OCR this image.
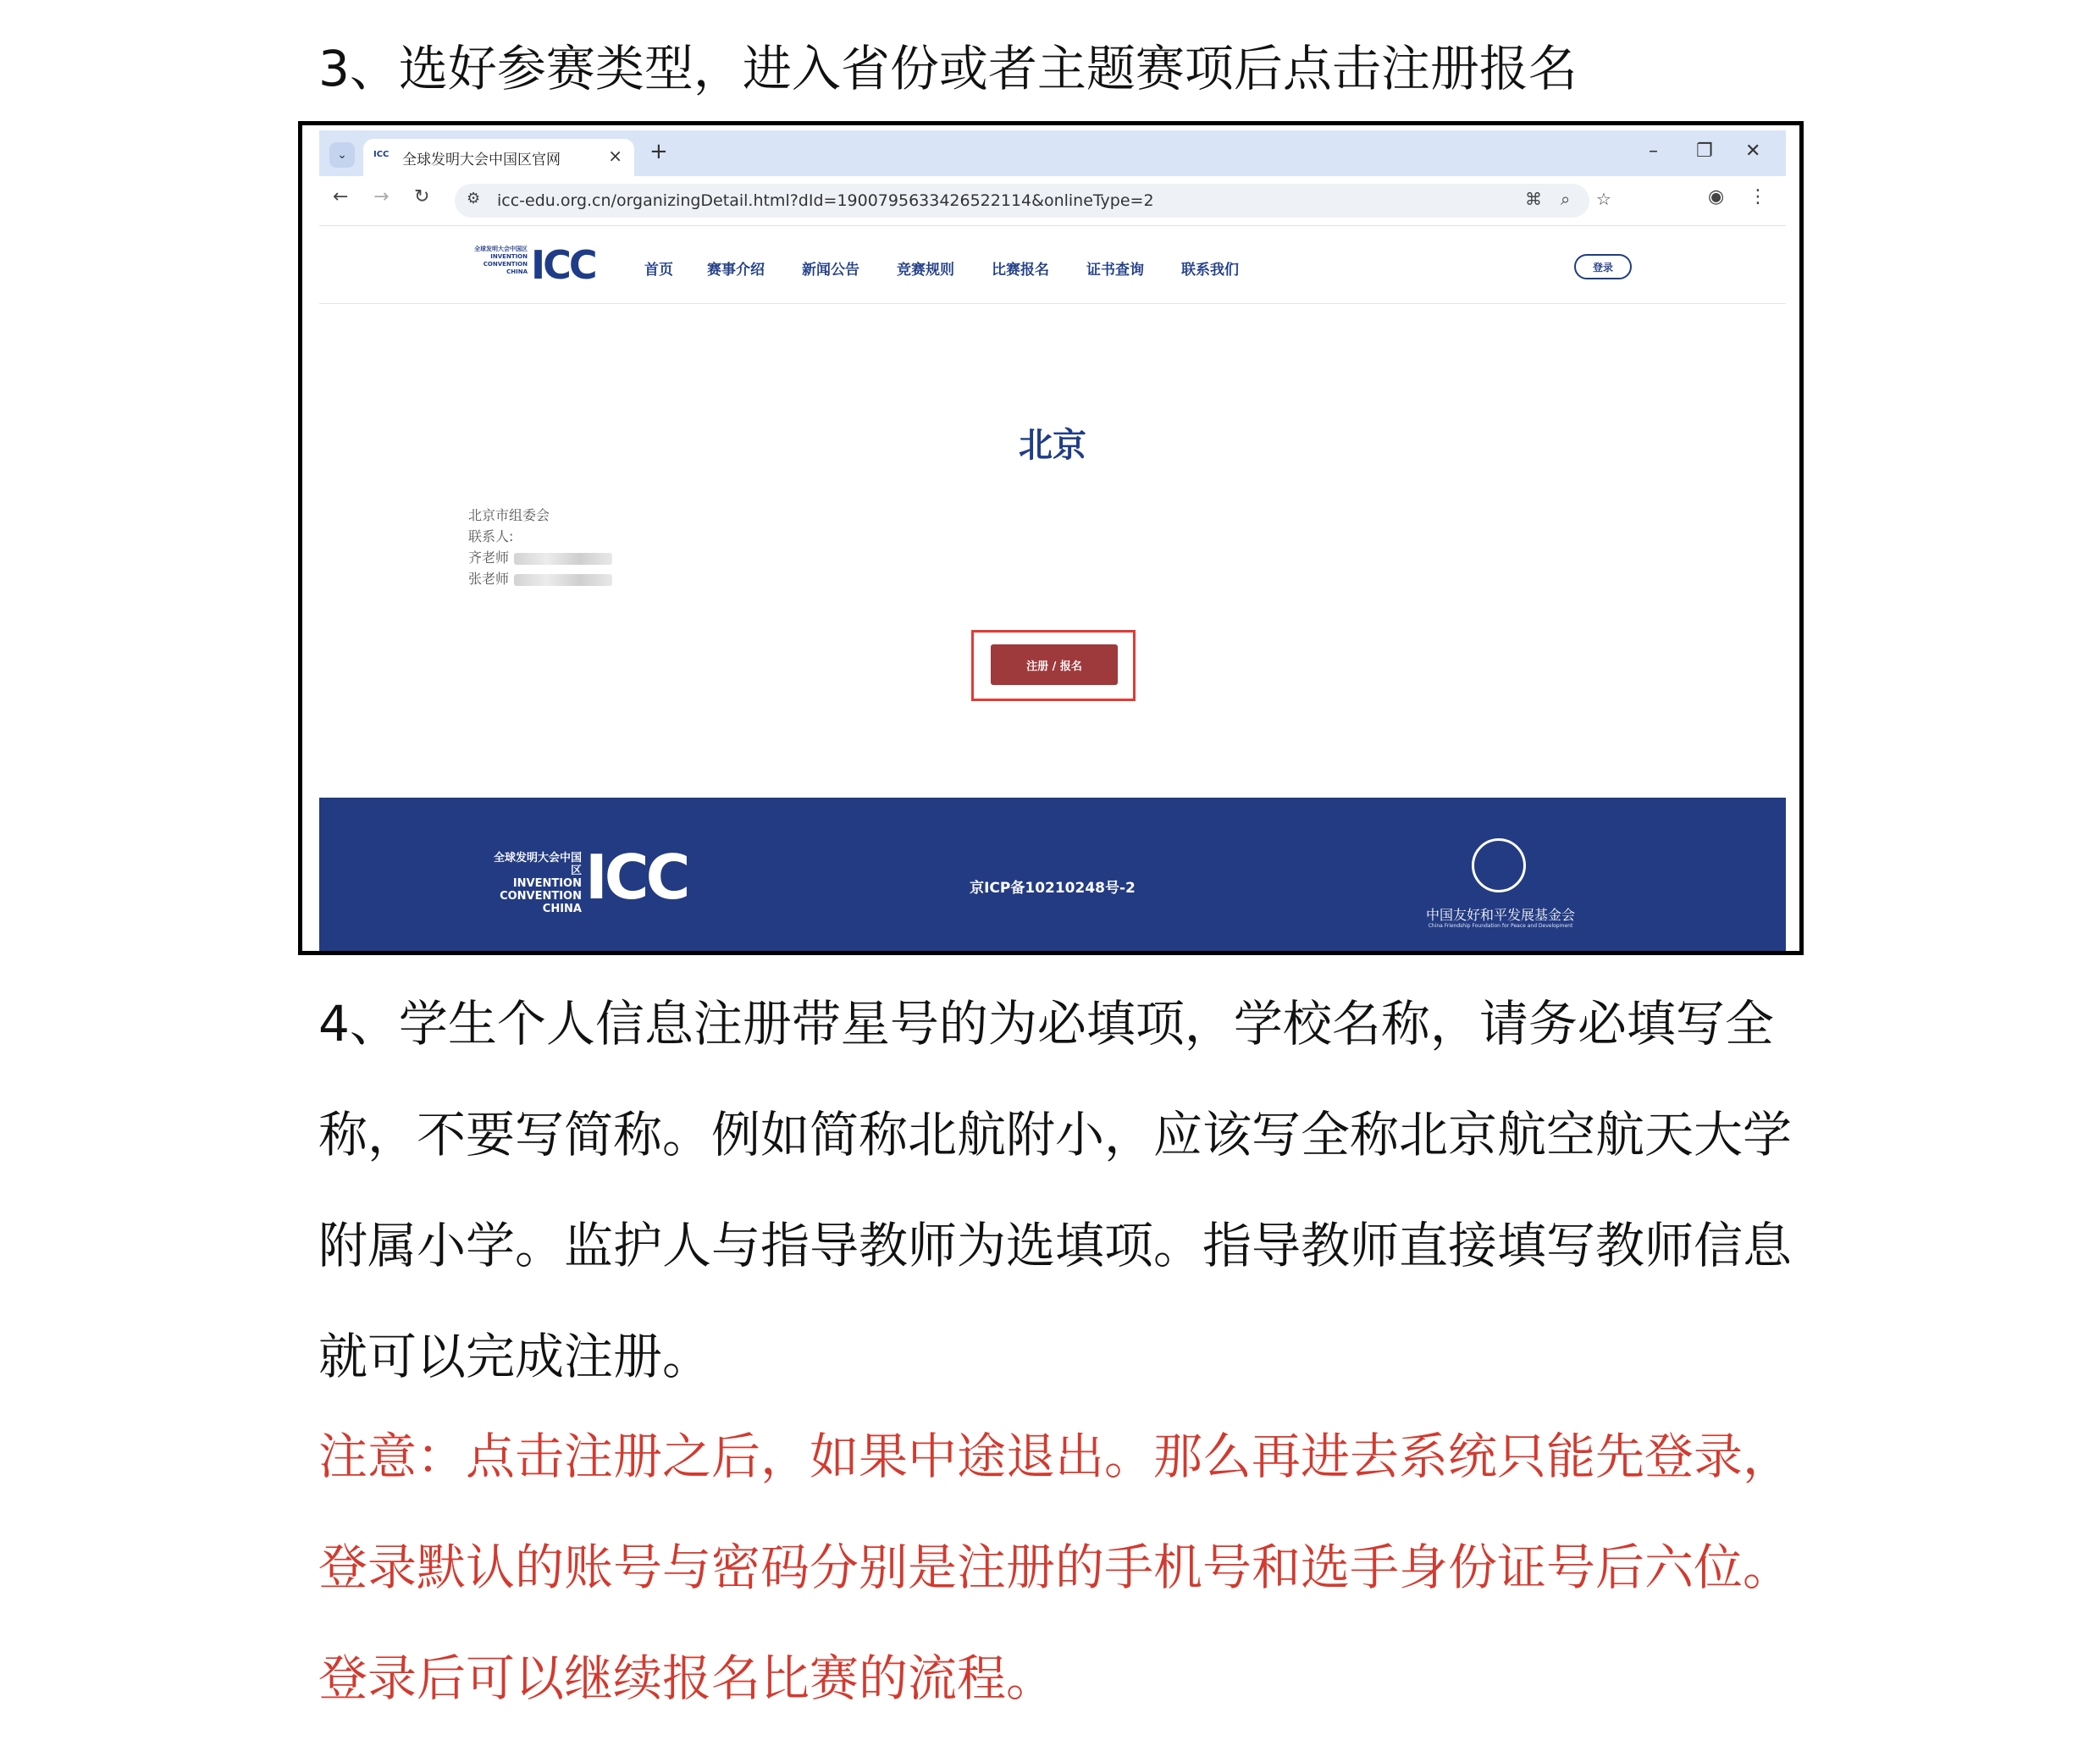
3、选好参赛类型，进入省份或者主题赛项后点击注册报名
⌄	ICC 全球发明大会中国区官网	× +	– ❐ ✕
← → ↻ ⚙ icc-edu.org.cn/organizingDetail.html?dId=1900795633426522114&onlineType=2	⌘ ⌕ ☆	◉ ⋮
全球发明大会中国区
INVENTION
CONVENTION
CHINA ICC	首页 赛事介绍	新闻公告	竞赛规则	比赛报名	证书查询	联系我们	登录
北京
北京市组委会
联系人:
齐老师
张老师
注册 / 报名
全球发明大会中国区
INVENTION
CONVENTION
CHINA ICC	京ICP备10210248号-2
中国友好和平发展基金会
China Friendship Foundation for Peace and Development

4、学生个人信息注册带星号的为必填项，学校名称，请务必填写全称，不要写简称。例如简称北航附小，应该写全称北京航空航天大学附属小学。监护人与指导教师为选填项。指导教师直接填写教师信息就可以完成注册。

注意：点击注册之后，如果中途退出。那么再进去系统只能先登录，登录默认的账号与密码分别是注册的手机号和选手身份证号后六位。登录后可以继续报名比赛的流程。
